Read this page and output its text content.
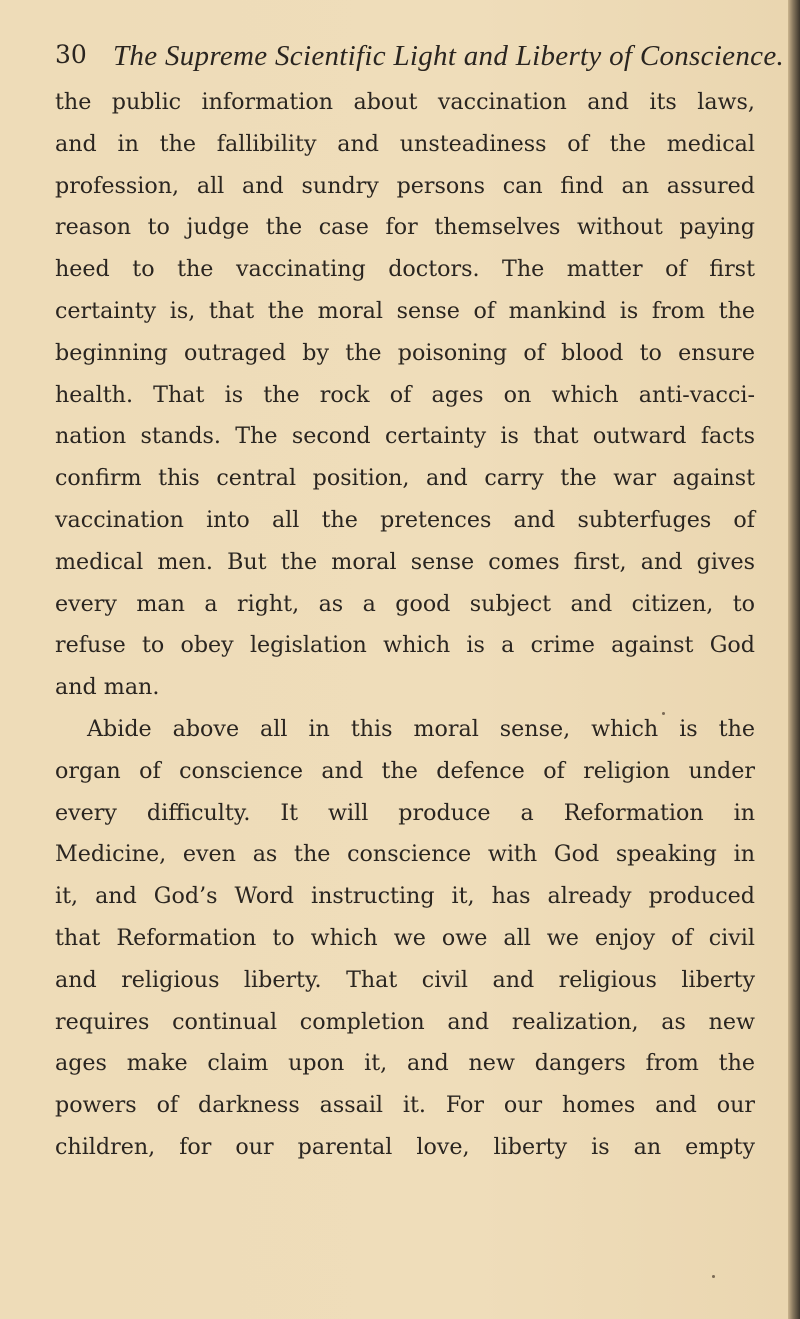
30 The Supreme Scientific Light and Liberty of Conscience.
the public information about vaccination and its laws,
and in the fallibility and unsteadiness of the medical
profession, all and sundry persons can find an assured
reason to judge the case for themselves without paying
heed to the vaccinating doctors. The matter of first
certainty is, that the moral sense of mankind is from the
beginning outraged by the poisoning of blood to ensure
health. That is the rock of ages on which anti-vacci-
nation stands. The second certainty is that outward facts
confirm this central position, and carry the war against
vaccination into all the pretences and subterfuges of
medical men. But the moral sense comes first, and gives
every man a right, as a good subject and citizen, to
refuse to obey legislation which is a crime against God
and man.
Abide above all in this moral sense, which is the
organ of conscience and the defence of religion under
every difficulty. It will produce a Reformation in
Medicine, even as the conscience with God speaking in
it, and God’s Word instructing it, has already produced
that Reformation to which we owe all we enjoy of civil
and religious liberty. That civil and religious liberty
requires continual completion and realization, as new
ages make claim upon it, and new dangers from the
powers of darkness assail it. For our homes and our
children, for our parental love, liberty is an empty
